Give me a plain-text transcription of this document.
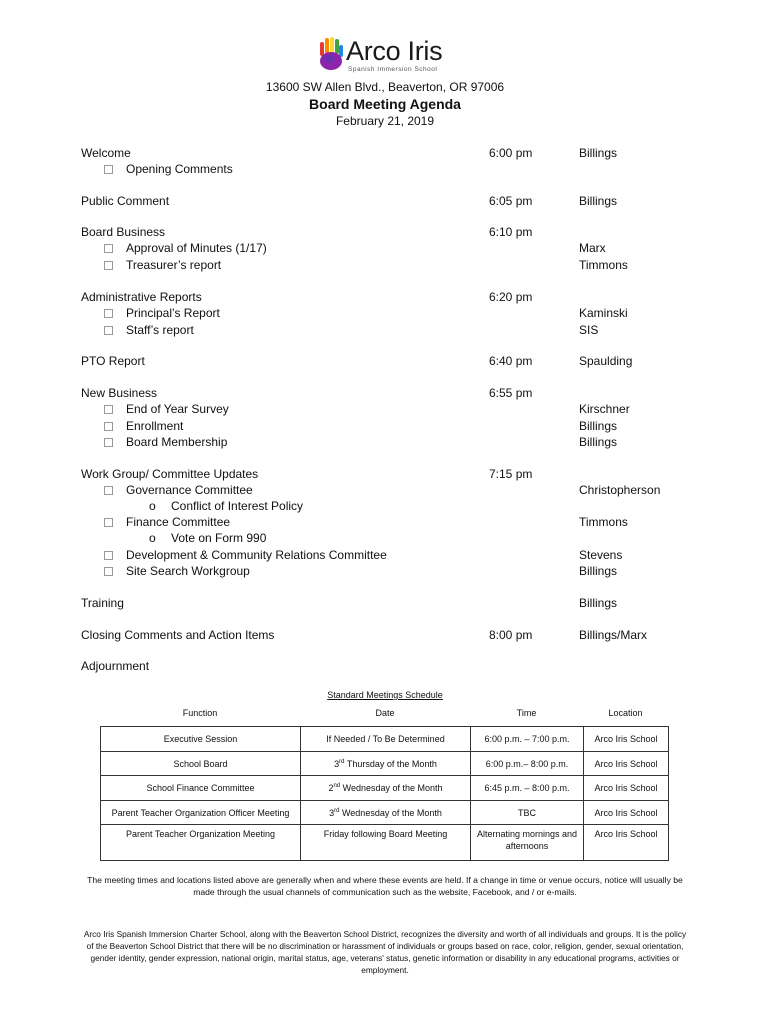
Arco Iris
Spanish Immersion School
13600 SW Allen Blvd., Beaverton, OR 97006
Board Meeting Agenda
February 21, 2019
Welcome	6:00 pm	Billings
Opening Comments
Public Comment	6:05 pm	Billings
Board Business	6:10 pm
Approval of Minutes (1/17)	Marx
Treasurer’s report	Timmons
Administrative Reports	6:20 pm
Principal’s Report	Kaminski
Staff’s report	SIS
PTO Report	6:40 pm	Spaulding
New Business	6:55 pm
End of Year Survey	Kirschner
Enrollment	Billings
Board Membership	Billings
Work Group/ Committee Updates	7:15 pm
Governance Committee	Christopherson
o Conflict of Interest Policy
Finance Committee	Timmons
o Vote on Form 990
Development & Community Relations Committee	Stevens
Site Search Workgroup	Billings
Training	Billings
Closing Comments and Action Items	8:00 pm	Billings/Marx
Adjournment
Standard Meetings Schedule
Function	Date	Time	Location
Executive Session	If Needed / To Be Determined	6:00 p.m. – 7:00 p.m.	Arco Iris School
School Board	3rd Thursday of the Month	6:00 p.m.– 8:00 p.m.	Arco Iris School
School Finance Committee	2nd Wednesday of the Month	6:45 p.m. – 8:00 p.m.	Arco Iris School
Parent Teacher Organization Officer Meeting	3rd Wednesday of the Month	TBC	Arco Iris School
Parent Teacher Organization Meeting	Friday following Board Meeting	Alternating mornings and afternoons	Arco Iris School
The meeting times and locations listed above are generally when and where these events are held. If a change in time or venue occurs, notice will usually be made through the usual channels of communication such as the website, Facebook, and / or e-mails.
Arco Iris Spanish Immersion Charter School, along with the Beaverton School District, recognizes the diversity and worth of all individuals and groups. It is the policy of the Beaverton School District that there will be no discrimination or harassment of individuals or groups based on race, color, religion, gender, sexual orientation, gender identity, gender expression, national origin, marital status, age, veterans' status, genetic information or disability in any educational programs, activities or employment.
